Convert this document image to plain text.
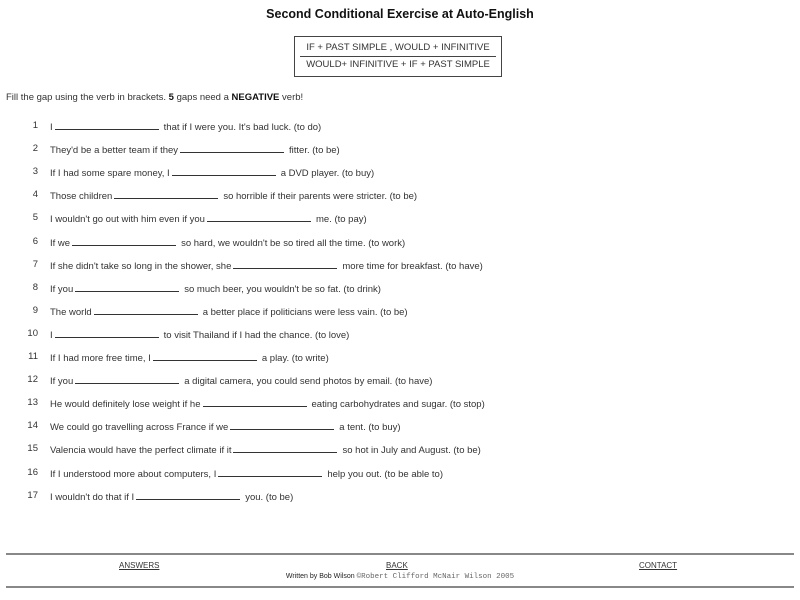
Second Conditional Exercise at Auto-English
IF + PAST SIMPLE , WOULD + INFINITIVE
WOULD+ INFINITIVE + IF + PAST SIMPLE
Fill the gap using the verb in brackets. 5 gaps need a NEGATIVE verb!
1 I	that if I were you. It's bad luck. (to do)
2 They'd be a better team if they	fitter. (to be)
3 If I had some spare money, I	a DVD player. (to buy)
4 Those children	so horrible if their parents were stricter. (to be)
5 I wouldn't go out with him even if you	me. (to pay)
6 If we	so hard, we wouldn't be so tired all the time. (to work)
7 If she didn't take so long in the shower, she	more time for breakfast. (to have)
8 If you	so much beer, you wouldn't be so fat. (to drink)
9 The world	a better place if politicians were less vain. (to be)
10 I	to visit Thailand if I had the chance. (to love)
11 If I had more free time, I	a play. (to write)
12 If you	a digital camera, you could send photos by email. (to have)
13 He would definitely lose weight if he	eating carbohydrates and sugar. (to stop)
14 We could go travelling across France if we	a tent. (to buy)
15 Valencia would have the perfect climate if it	so hot in July and August. (to be)
16 If I understood more about computers, I	help you out. (to be able to)
17 I wouldn't do that if I	you. (to be)
ANSWERS	BACK	CONTACT
Written by Bob Wilson ©Robert Clifford McNair Wilson 2005
